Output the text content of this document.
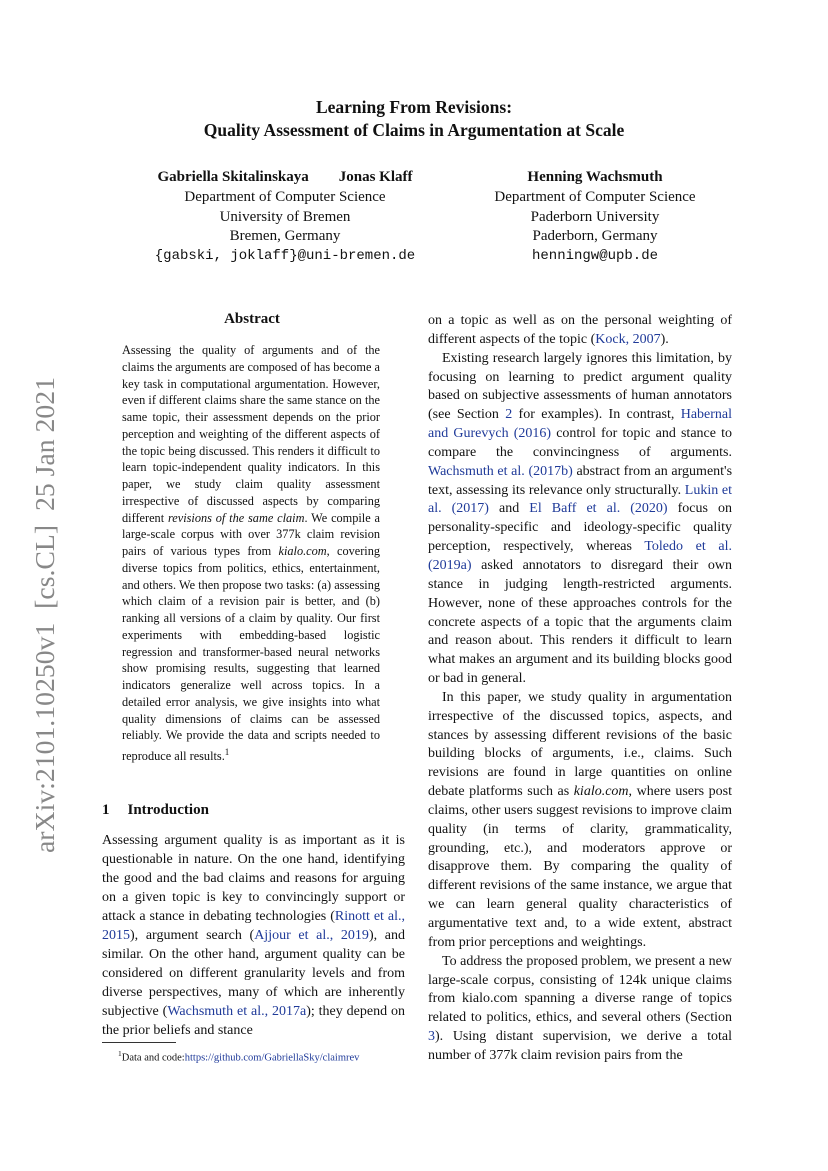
arXiv:2101.10250v1  [cs.CL]  25 Jan 2021
Learning From Revisions:
Quality Assessment of Claims in Argumentation at Scale
Gabriella Skitalinskaya        Jonas Klaff
Department of Computer Science
University of Bremen
Bremen, Germany
{gabski, joklaff}@uni-bremen.de
Henning Wachsmuth
Department of Computer Science
Paderborn University
Paderborn, Germany
henningw@upb.de
Abstract

Assessing the quality of arguments and of the claims the arguments are composed of has become a key task in computational argumentation. However, even if different claims share the same stance on the same topic, their assessment depends on the prior perception and weighting of the different aspects of the topic being discussed. This renders it difficult to learn topic-independent quality indicators. In this paper, we study claim quality assessment irrespective of discussed aspects by comparing different revisions of the same claim. We compile a large-scale corpus with over 377k claim revision pairs of various types from kialo.com, covering diverse topics from politics, ethics, entertainment, and others. We then propose two tasks: (a) assessing which claim of a revision pair is better, and (b) ranking all versions of a claim by quality. Our first experiments with embedding-based logistic regression and transformer-based neural networks show promising results, suggesting that learned indicators generalize well across topics. In a detailed error analysis, we give insights into what quality dimensions of claims can be assessed reliably. We provide the data and scripts needed to reproduce all results.$^1$

1 Introduction

Assessing argument quality is as important as it is questionable in nature. On the one hand, identifying the good and the bad claims and reasons for arguing on a given topic is key to convincingly support or attack a stance in debating technologies (Rinott et al., 2015), argument search (Ajjour et al., 2019), and similar. On the other hand, argument quality can be considered on different granularity levels and from diverse perspectives, many of which are inherently subjective (Wachsmuth et al., 2017a); they depend on the prior beliefs and stance

on a topic as well as on the personal weighting of different aspects of the topic (Kock, 2007).

Existing research largely ignores this limitation, by focusing on learning to predict argument quality based on subjective assessments of human annotators (see Section 2 for examples). In contrast, Habernal and Gurevych (2016) control for topic and stance to compare the convincingness of arguments. Wachsmuth et al. (2017b) abstract from an argument's text, assessing its relevance only structurally. Lukin et al. (2017) and El Baff et al. (2020) focus on personality-specific and ideology-specific quality perception, respectively, whereas Toledo et al. (2019a) asked annotators to disregard their own stance in judging length-restricted arguments. However, none of these approaches controls for the concrete aspects of a topic that the arguments claim and reason about. This renders it difficult to learn what makes an argument and its building blocks good or bad in general.

In this paper, we study quality in argumentation irrespective of the discussed topics, aspects, and stances by assessing different revisions of the basic building blocks of arguments, i.e., claims. Such revisions are found in large quantities on online debate platforms such as kialo.com, where users post claims, other users suggest revisions to improve claim quality (in terms of clarity, grammaticality, grounding, etc.), and moderators approve or disapprove them. By comparing the quality of different revisions of the same instance, we argue that we can learn general quality characteristics of argumentative text and, to a wide extent, abstract from prior perceptions and weightings.

To address the proposed problem, we present a new large-scale corpus, consisting of 124k unique claims from kialo.com spanning a diverse range of topics related to politics, ethics, and several others (Section 3). Using distant supervision, we derive a total number of 377k claim revision pairs from the

$^1$Data and code:https://github.com/GabriellaSky/claimrev
